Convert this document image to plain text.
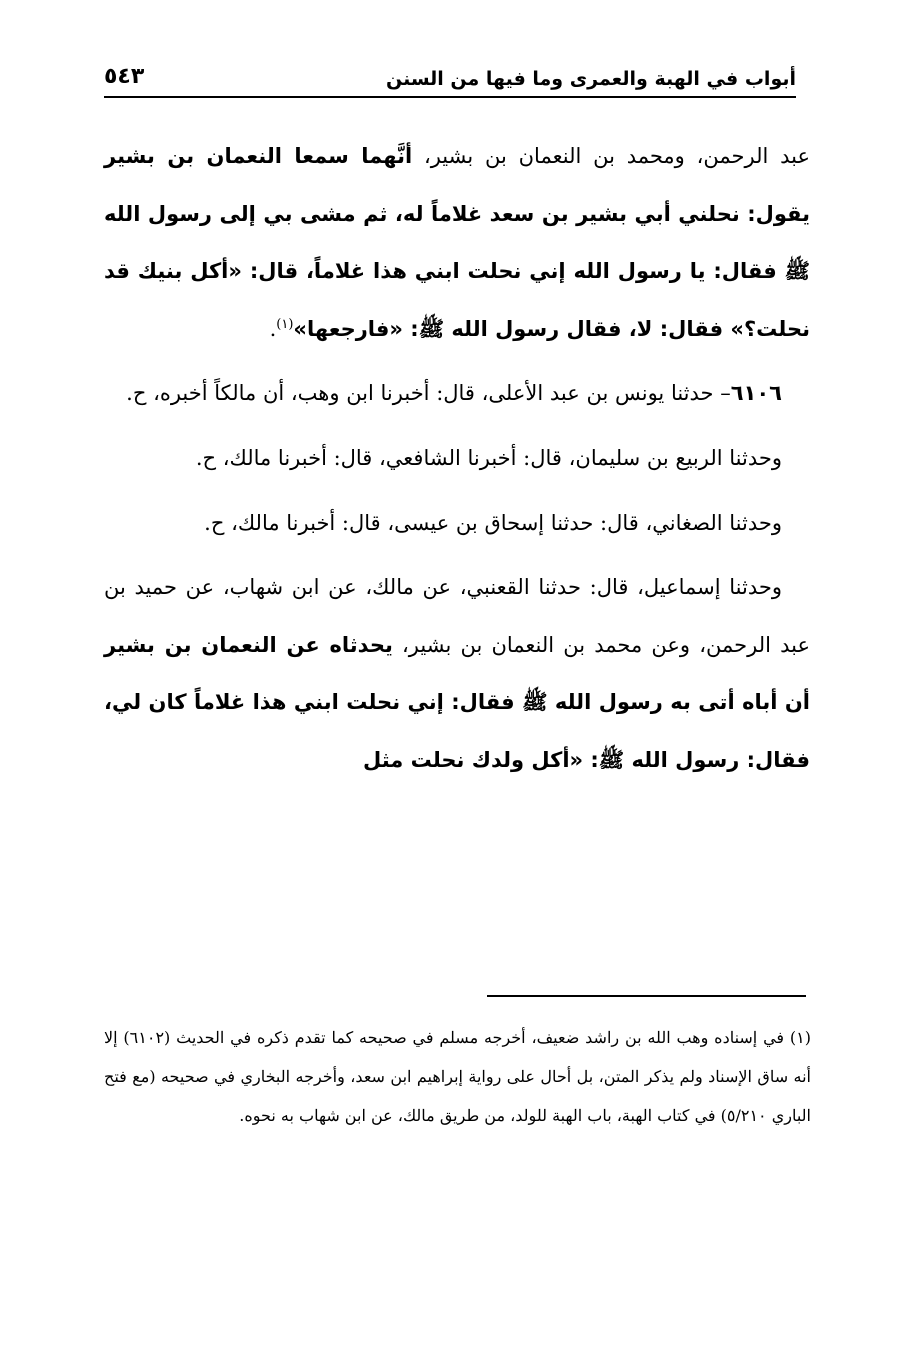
أبواب في الهبة والعمرى وما فيها من السنن
٥٤٣

عبد الرحمن، ومحمد بن النعمان بن بشير، أنَّهما سمعا النعمان بن بشير يقول: نحلني أبي بشير بن سعد غلاماً له، ثم مشى بي إلى رسول الله ﷺ فقال: يا رسول الله إني نحلت ابني هذا غلاماً، قال: «أكل بنيك قد نحلت؟» فقال: لا، فقال رسول الله ﷺ: «فارجعها»$^{(١)}$.

٦١٠٦– حدثنا يونس بن عبد الأعلى، قال: أخبرنا ابن وهب، أن مالكاً أخبره، ح.

وحدثنا الربيع بن سليمان، قال: أخبرنا الشافعي، قال: أخبرنا مالك، ح.

وحدثنا الصغاني، قال: حدثنا إسحاق بن عيسى، قال: أخبرنا مالك، ح.

وحدثنا إسماعيل، قال: حدثنا القعنبي، عن مالك، عن ابن شهاب، عن حميد بن عبد الرحمن، وعن محمد بن النعمان بن بشير، يحدثاه عن النعمان بن بشير أن أباه أتى به رسول الله ﷺ فقال: إني نحلت ابني هذا غلاماً كان لي، فقال: رسول الله ﷺ: «أكل ولدك نحلت مثل

(١) في إسناده وهب الله بن راشد ضعيف، أخرجه مسلم في صحيحه كما تقدم ذكره في الحديث (٦١٠٢) إلا أنه ساق الإسناد ولم يذكر المتن، بل أحال على رواية إبراهيم ابن سعد، وأخرجه البخاري في صحيحه (مع فتح الباري ٥/٢١٠) في كتاب الهبة، باب الهبة للولد، من طريق مالك، عن ابن شهاب به نحوه.
